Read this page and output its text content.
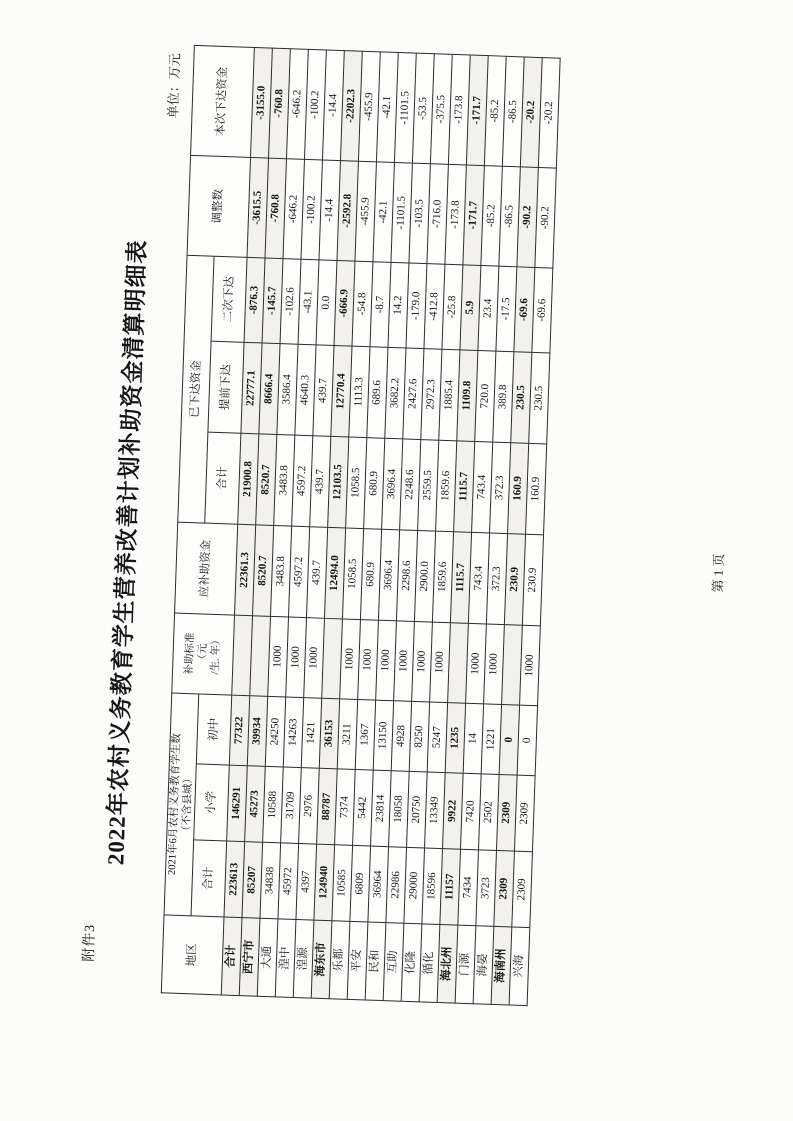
附件3
2022年农村义务教育学生营养改善计划补助资金清算明细表
单位：万元
地区	
2021年6月农村义务教育学生数
（不含县城）

补助标准 （元 /生. 年）
	应补助资金	已下达资金	调整数	本次下达资金
	合计	小学	初中			合计	提前下达	二次下达		
合计	223613	146291	77322		22361.3	21900.8	22777.1	-876.3	-3615.5	-3155.0
西宁市	85207	45273	39934		8520.7	8520.7	8666.4	-145.7	-760.8	-760.8
大通	34838	10588	24250	1000	3483.8	3483.8	3586.4	-102.6	-646.2	-646.2
湟中	45972	31709	14263	1000	4597.2	4597.2	4640.3	-43.1	-100.2	-100.2
湟源	4397	2976	1421	1000	439.7	439.7	439.7	0.0	-14.4	-14.4
海东市	124940	88787	36153		12494.0	12103.5	12770.4	-666.9	-2592.8	-2202.3
乐都	10585	7374	3211	1000	1058.5	1058.5	1113.3	-54.8	-455.9	-455.9
平安	6809	5442	1367	1000	680.9	680.9	689.6	-8.7	-42.1	-42.1
民和	36964	23814	13150	1000	3696.4	3696.4	3682.2	14.2	-1101.5	-1101.5
互助	22986	18058	4928	1000	2298.6	2248.6	2427.6	-179.0	-103.5	-53.5
化隆	29000	20750	8250	1000	2900.0	2559.5	2972.3	-412.8	-716.0	-375.5
循化	18596	13349	5247	1000	1859.6	1859.6	1885.4	-25.8	-173.8	-173.8
海北州	11157	9922	1235		1115.7	1115.7	1109.8	5.9	-171.7	-171.7
门源	7434	7420	14	1000	743.4	743.4	720.0	23.4	-85.2	-85.2
海晏	3723	2502	1221	1000	372.3	372.3	389.8	-17.5	-86.5	-86.5
海南州	2309	2309	0		230.9	160.9	230.5	-69.6	-90.2	-20.2
兴海	2309	2309	0	1000	230.9	160.9	230.5	-69.6	-90.2	-20.2
第 1 页
